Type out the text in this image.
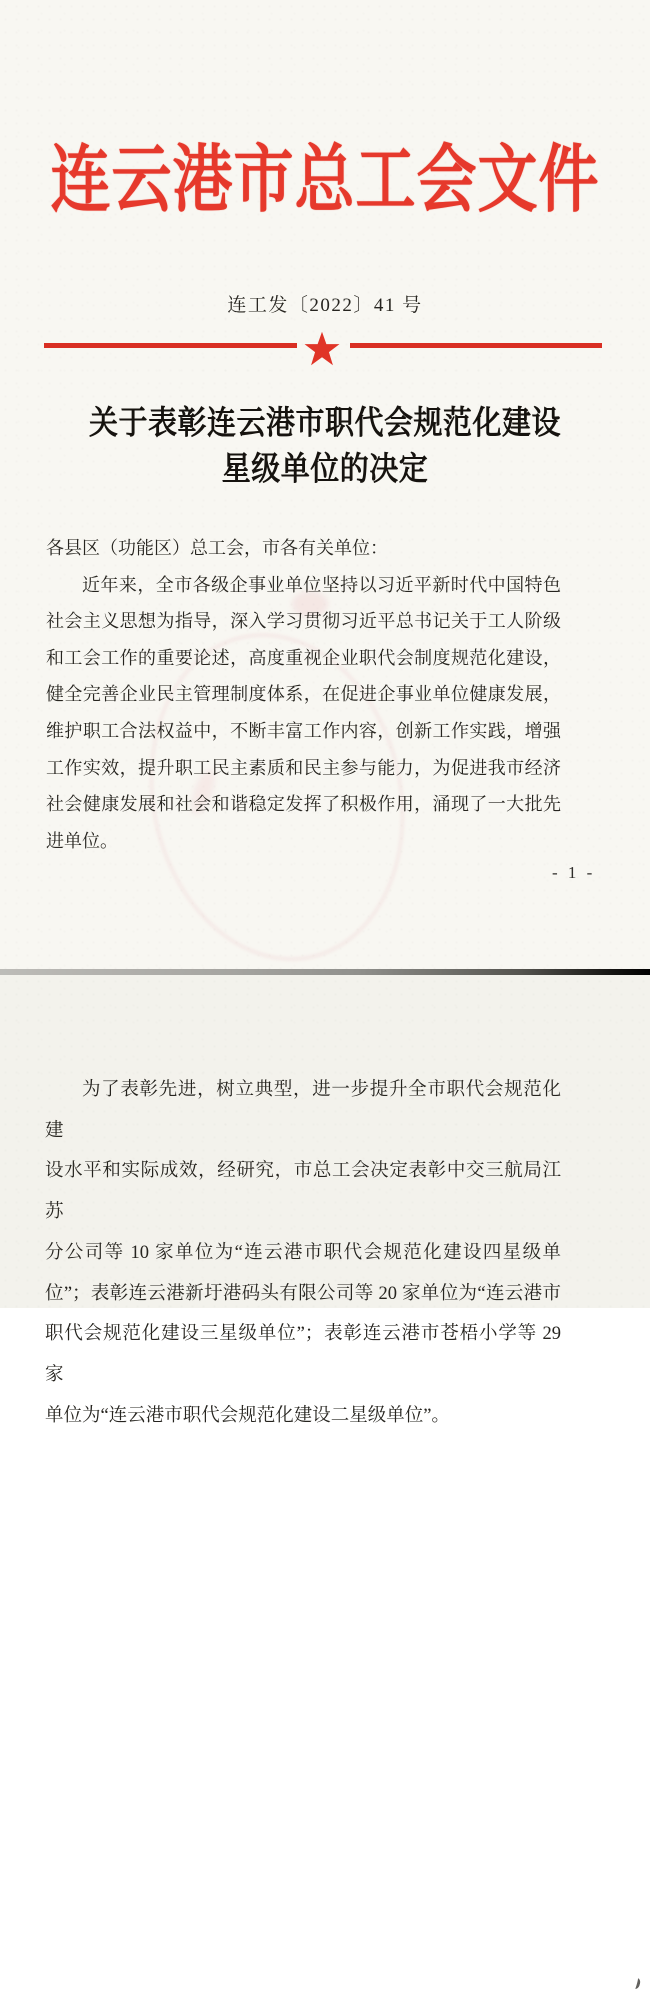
连云港市总工会文件
连工发〔2022〕41 号
关于表彰连云港市职代会规范化建设
星级单位的决定
各县区（功能区）总工会，市各有关单位：
近年来，全市各级企事业单位坚持以习近平新时代中国特色
社会主义思想为指导，深入学习贯彻习近平总书记关于工人阶级
和工会工作的重要论述，高度重视企业职代会制度规范化建设，
健全完善企业民主管理制度体系，在促进企事业单位健康发展，
维护职工合法权益中，不断丰富工作内容，创新工作实践，增强
工作实效，提升职工民主素质和民主参与能力，为促进我市经济
社会健康发展和社会和谐稳定发挥了积极作用，涌现了一大批先
进单位。
- 1 -
为了表彰先进，树立典型，进一步提升全市职代会规范化建
设水平和实际成效，经研究，市总工会决定表彰中交三航局江苏
分公司等 10 家单位为“连云港市职代会规范化建设四星级单
位”；表彰连云港新圩港码头有限公司等 20 家单位为“连云港市
职代会规范化建设三星级单位”；表彰连云港市苍梧小学等 29 家
单位为“连云港市职代会规范化建设二星级单位”。
